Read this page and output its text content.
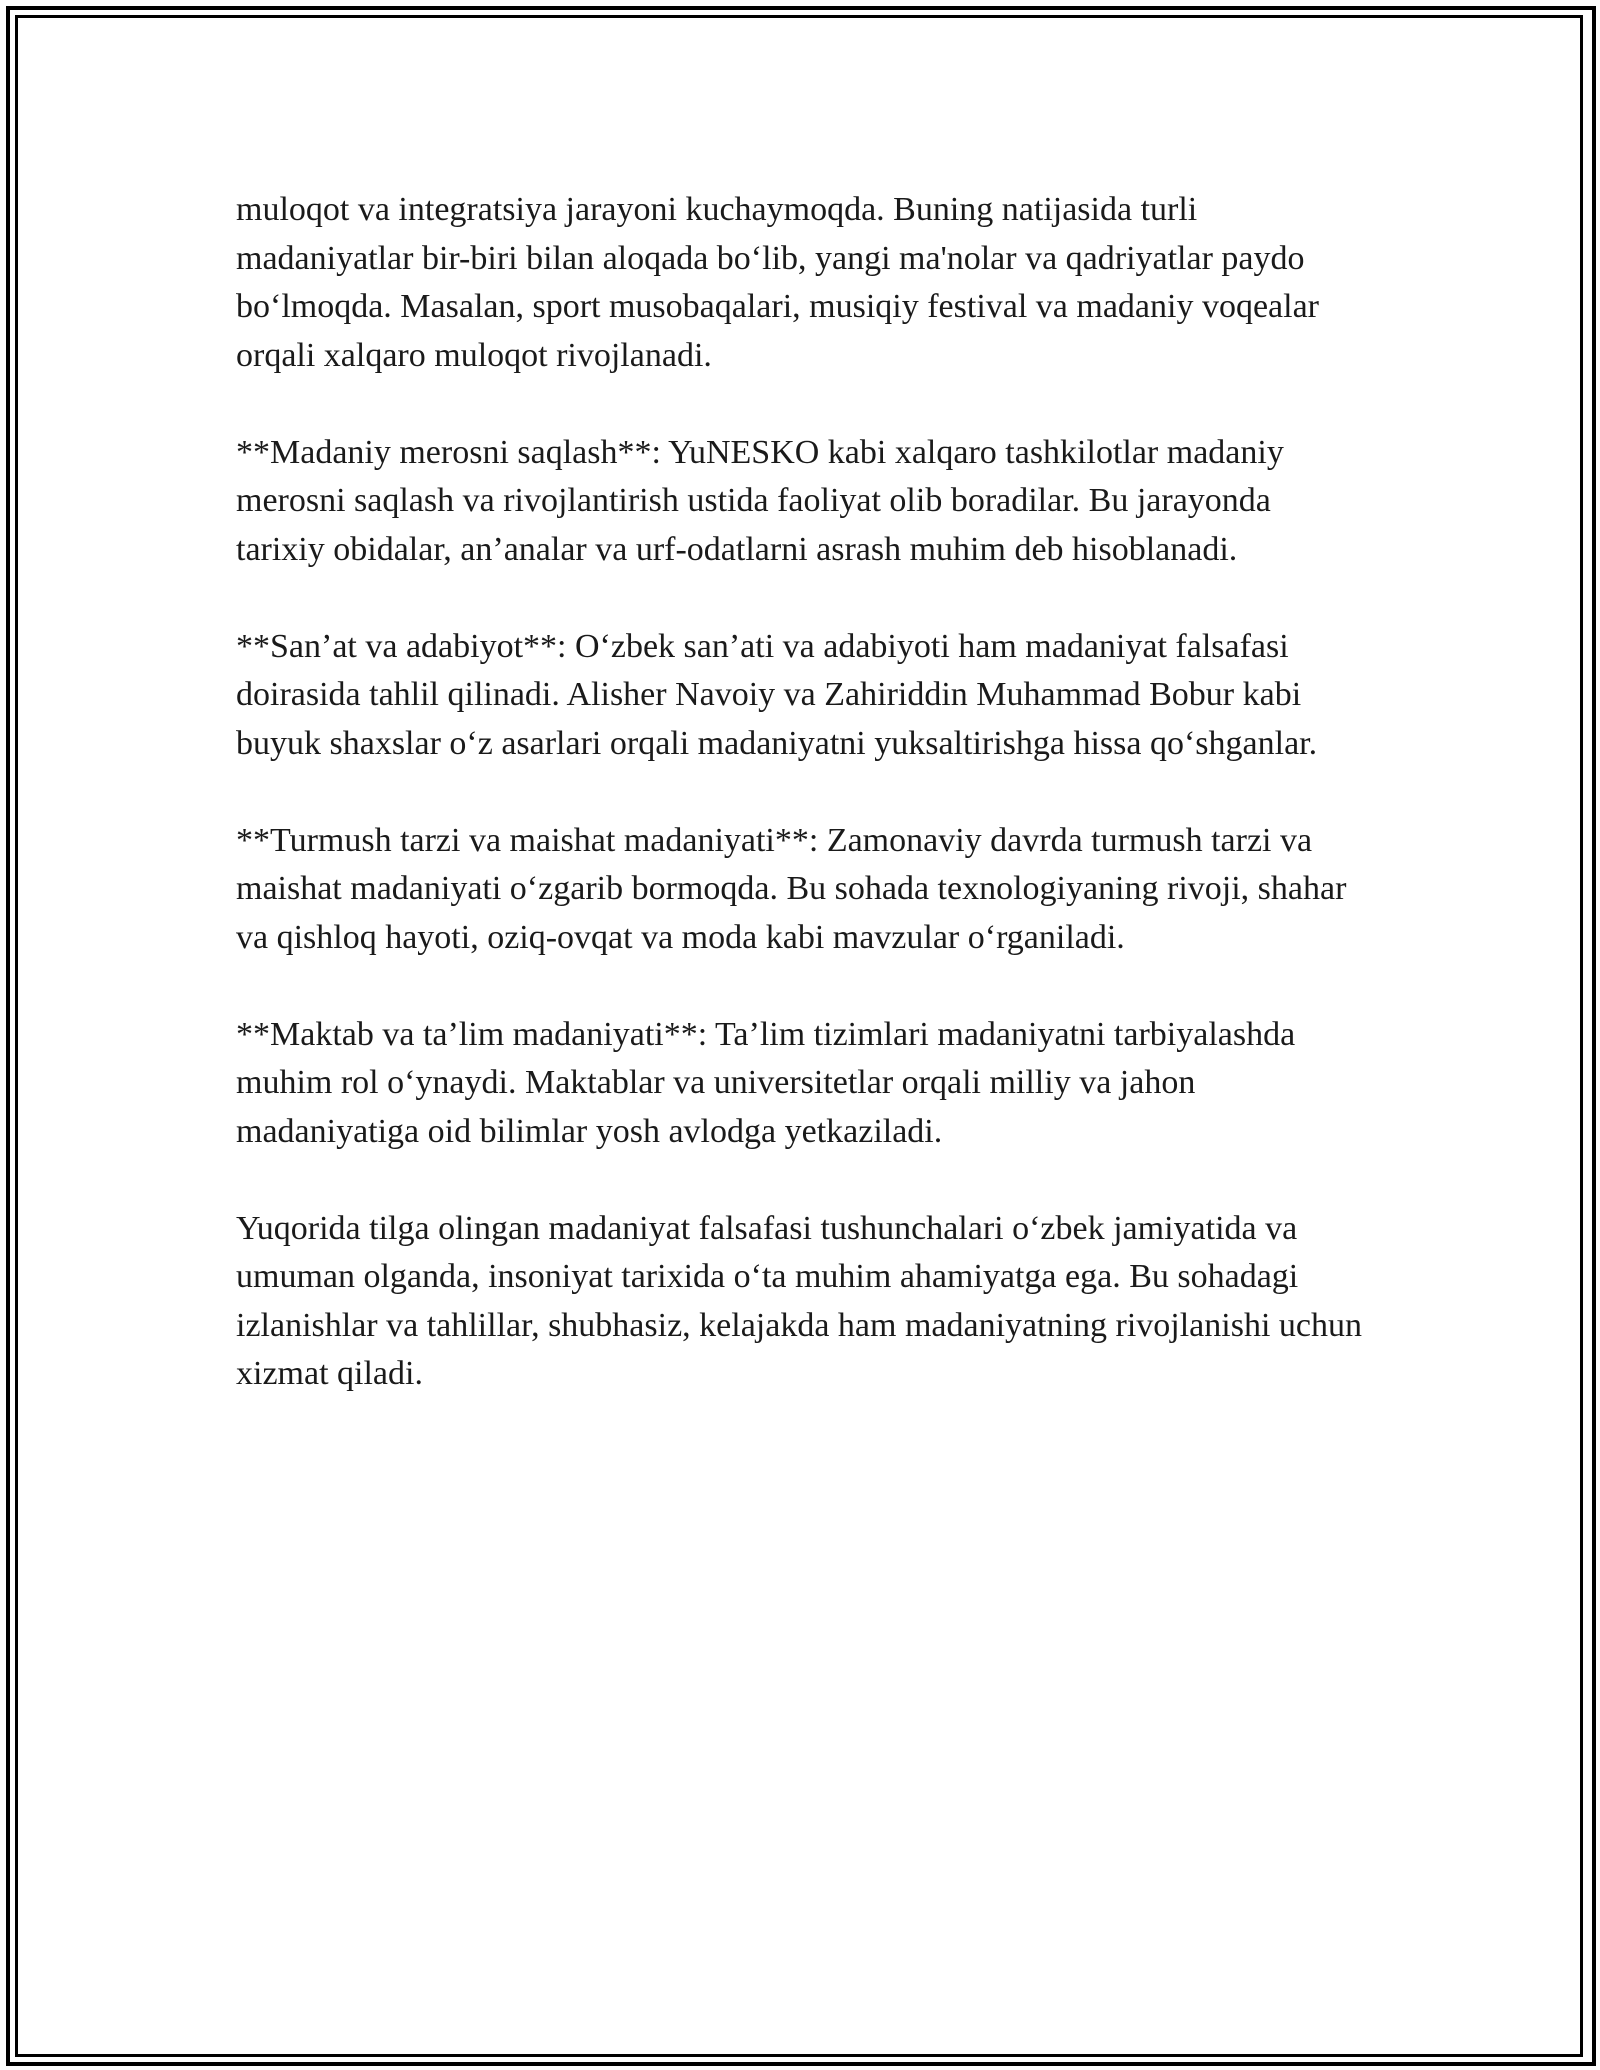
muloqot va integratsiya jarayoni kuchaymoqda. Buning natijasida turli madaniyatlar bir-biri bilan aloqada bo‘lib, yangi ma'nolar va qadriyatlar paydo bo‘lmoqda. Masalan, sport musobaqalari, musiqiy festival va madaniy voqealar orqali xalqaro muloqot rivojlanadi.

**Madaniy merosni saqlash**: YuNESKO kabi xalqaro tashkilotlar madaniy merosni saqlash va rivojlantirish ustida faoliyat olib boradilar. Bu jarayonda tarixiy obidalar, an’analar va urf-odatlarni asrash muhim deb hisoblanadi.

**San’at va adabiyot**: O‘zbek san’ati va adabiyoti ham madaniyat falsafasi doirasida tahlil qilinadi. Alisher Navoiy va Zahiriddin Muhammad Bobur kabi buyuk shaxslar o‘z asarlari orqali madaniyatni yuksaltirishga hissa qo‘shganlar.

**Turmush tarzi va maishat madaniyati**: Zamonaviy davrda turmush tarzi va maishat madaniyati o‘zgarib bormoqda. Bu sohada texnologiyaning rivoji, shahar va qishloq hayoti, oziq-ovqat va moda kabi mavzular o‘rganiladi.

**Maktab va ta’lim madaniyati**: Ta’lim tizimlari madaniyatni tarbiyalashda muhim rol o‘ynaydi. Maktablar va universitetlar orqali milliy va jahon madaniyatiga oid bilimlar yosh avlodga yetkaziladi.

Yuqorida tilga olingan madaniyat falsafasi tushunchalari o‘zbek jamiyatida va umuman olganda, insoniyat tarixida o‘ta muhim ahamiyatga ega. Bu sohadagi izlanishlar va tahlillar, shubhasiz, kelajakda ham madaniyatning rivojlanishi uchun xizmat qiladi.
